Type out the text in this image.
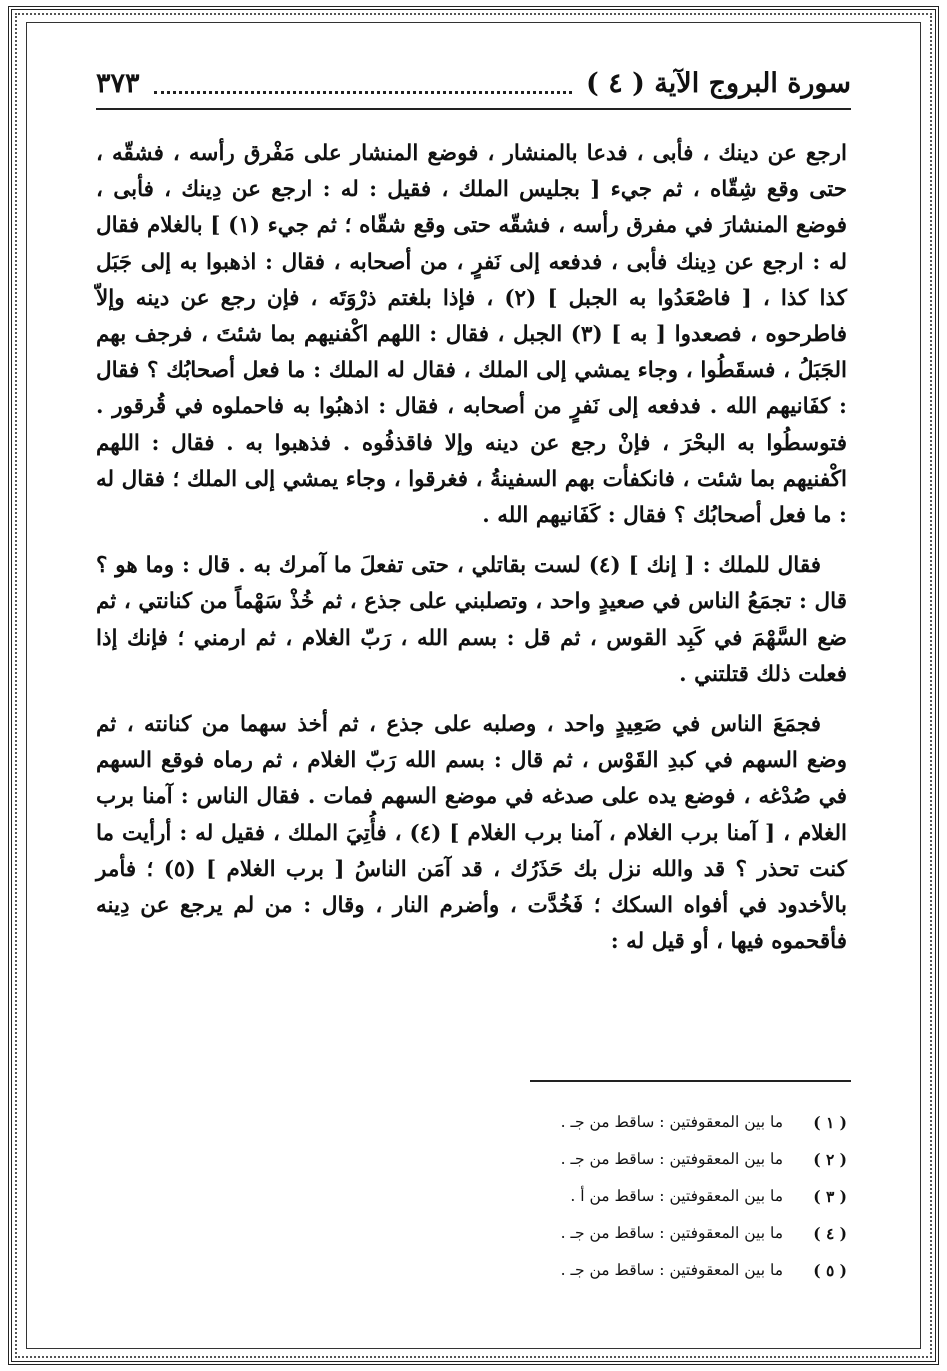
سورة البروج الآية ( ٤ )
٣٧٣

ارجع عن دينك ، فأبى ، فدعا بالمنشار ، فوضع المنشار على مَفْرق رأسه ، فشقّه ، حتى وقع شِقّاه ، ثم جيء [ بجليس الملك ، فقيل : له : ارجع عن دِينك ، فأبى ، فوضع المنشارَ في مفرق رأسه ، فشقّه حتى وقع شقّاه ؛ ثم جيء (١) ] بالغلام فقال له : ارجع عن دِينك فأبى ، فدفعه إلى نَفرٍ ، من أصحابه ، فقال : اذهبوا به إلى جَبَل كذا كذا ، [ فاصْعَدُوا به الجبل ] (٢) ، فإذا بلغتم ذرْوَتَه ، فإن رجع عن دينه وإلاّ فاطرحوه ، فصعدوا [ به ] (٣) الجبل ، فقال : اللهم اكْفنيهم بما شئتَ ، فرجف بهم الجَبَلُ ، فسقَطُوا ، وجاء يمشي إلى الملك ، فقال له الملك : ما فعل أصحابُك ؟ فقال : كفَانيهم الله . فدفعه إلى نَفرٍ من أصحابه ، فقال : اذهبُوا به فاحملوه في قُرقور . فتوسطُوا به البحْرَ ، فإنْ رجع عن دينه وإلا فاقذفُوه . فذهبوا به . فقال : اللهم اكْفنيهم بما شئت ، فانكفأت بهم السفينةُ ، فغرقوا ، وجاء يمشي إلى الملك ؛ فقال له : ما فعل أصحابُك ؟ فقال : كَفَانيهم الله .

فقال للملك : [ إنك ] (٤) لست بقاتلي ، حتى تفعلَ ما آمرك به . قال : وما هو ؟ قال : تجمَعُ الناس في صعيدٍ واحد ، وتصلبني على جذع ، ثم خُذْ سَهْماً من كنانتي ، ثم ضع السَّهْمَ في كَبِد القوس ، ثم قل : بسم الله ، رَبّ الغلام ، ثم ارمني ؛ فإنك إذا فعلت ذلك قتلتني .

فجمَعَ الناس في صَعِيدٍ واحد ، وصلبه على جذع ، ثم أخذ سهما من كنانته ، ثم وضع السهم في كبدِ القَوْس ، ثم قال : بسم الله رَبّ الغلام ، ثم رماه فوقع السهم في صُدْغه ، فوضع يده على صدغه في موضع السهم فمات . فقال الناس : آمنا برب الغلام ، [ آمنا برب الغلام ، آمنا برب الغلام ] (٤) ، فأُتِيَ الملك ، فقيل له : أرأيت ما كنت تحذر ؟ قد والله نزل بك حَذَرُك ، قد آمَن الناسُ [ برب الغلام ] (٥) ؛ فأمر بالأخدود في أفواه السكك ؛ فَخُدَّت ، وأضرم النار ، وقال : من لم يرجع عن دِينه فأقحموه فيها ، أو قيل له :

( ١ )
ما بين المعقوفتين : ساقط من جـ .
( ٢ )
ما بين المعقوفتين : ساقط من جـ .
( ٣ )
ما بين المعقوفتين : ساقط من أ .
( ٤ )
ما بين المعقوفتين : ساقط من جـ .
( ٥ )
ما بين المعقوفتين : ساقط من جـ .
